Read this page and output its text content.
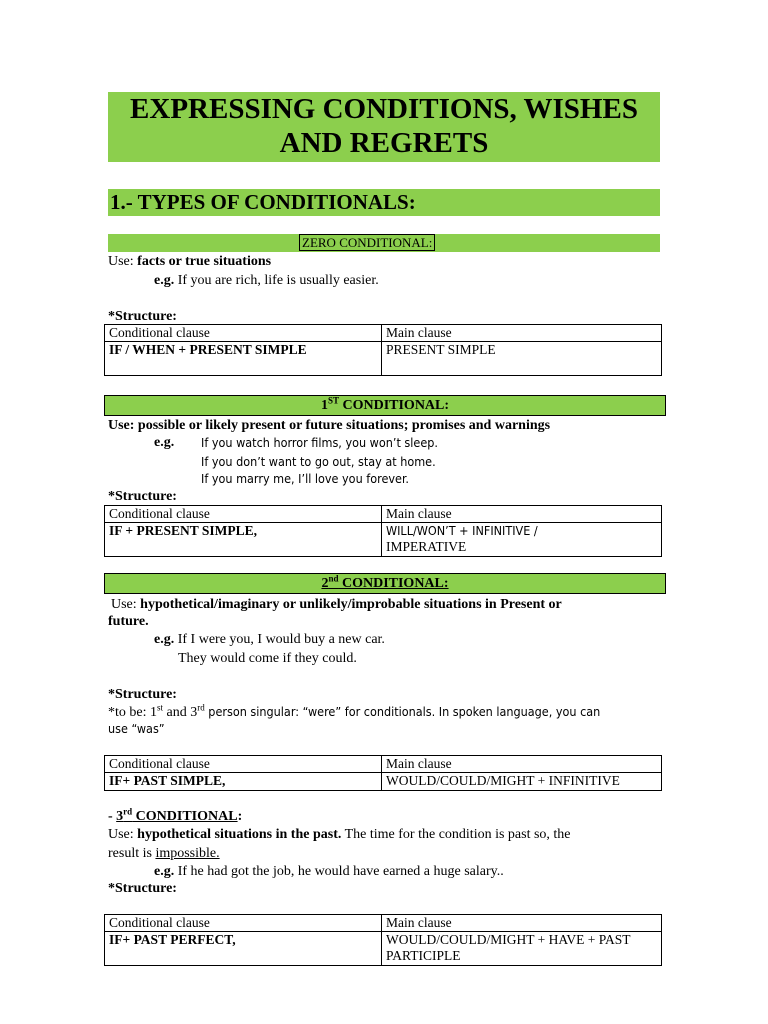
EXPRESSING CONDITIONS, WISHES
AND REGRETS
1.- TYPES OF CONDITIONALS:
ZERO CONDITIONAL:
Use: facts or true situations
e.g. If you are rich, life is usually easier.
*Structure:
Conditional clause	Main clause
IF / WHEN + PRESENT SIMPLE	PRESENT SIMPLE
1ST CONDITIONAL:
Use: possible or likely present or future situations; promises and warnings
e.g. If you watch horror films, you won’t sleep.
If you don’t want to go out, stay at home.
If you marry me, I’ll love you forever.
*Structure:
Conditional clause	Main clause
IF + PRESENT SIMPLE,	WILL/WON’T + INFINITIVE /
IMPERATIVE
2nd CONDITIONAL:
Use: hypothetical/imaginary or unlikely/improbable situations in Present or
future.
e.g. If I were you, I would buy a new car.
They would come if they could.
*Structure:
*to be: 1st and 3rd person singular: “were” for conditionals. In spoken language, you can
use “was”
Conditional clause	Main clause
IF+ PAST SIMPLE,	WOULD/COULD/MIGHT + INFINITIVE
- 3rd CONDITIONAL:
Use: hypothetical situations in the past. The time for the condition is past so, the
result is impossible.
e.g. If he had got the job, he would have earned a huge salary..
*Structure:
Conditional clause	Main clause
IF+ PAST PERFECT,	WOULD/COULD/MIGHT + HAVE + PAST
PARTICIPLE
